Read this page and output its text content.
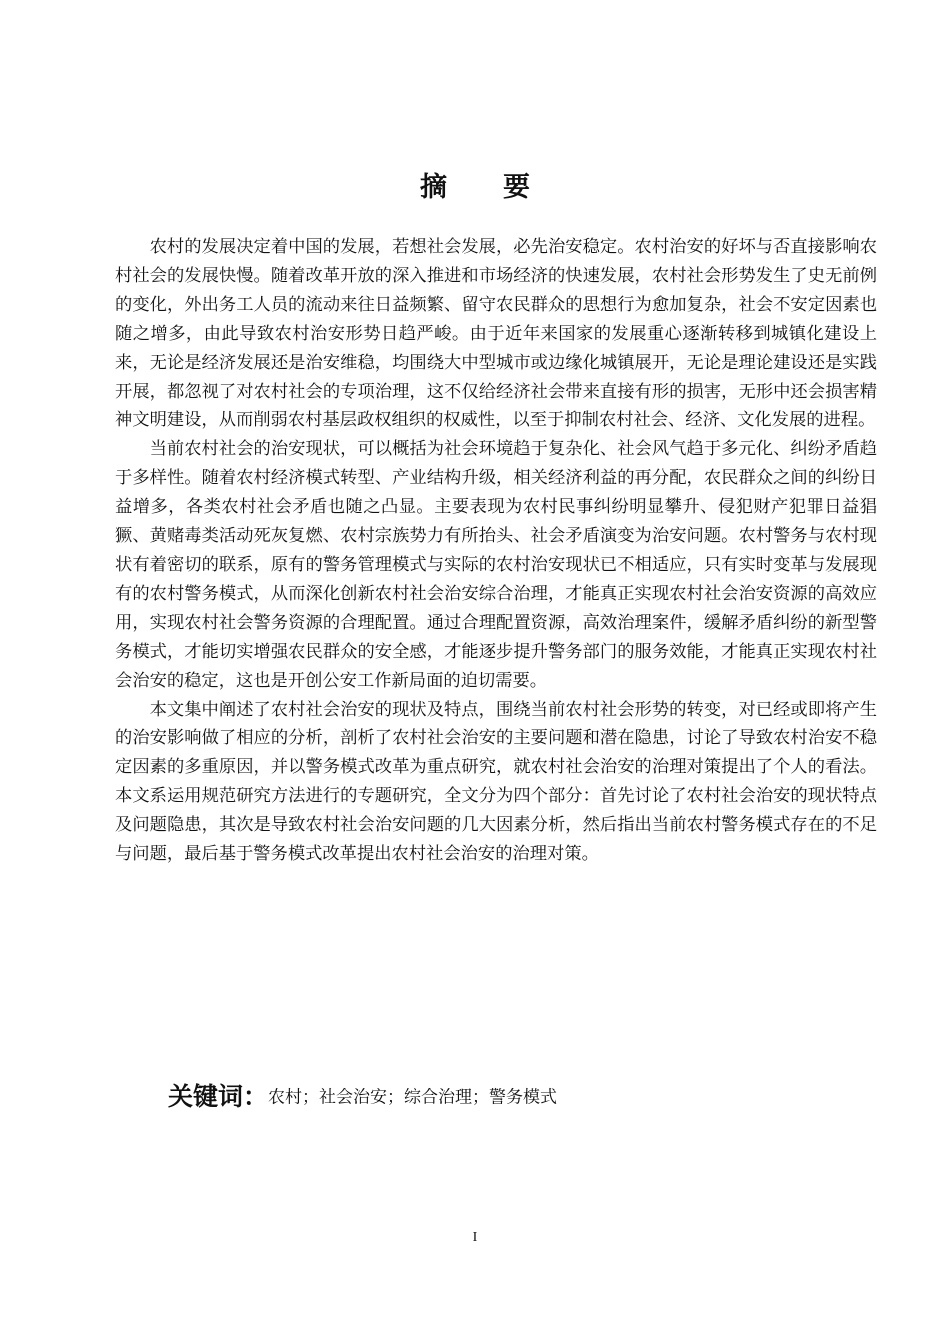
摘要

农村的发展决定着中国的发展，若想社会发展，必先治安稳定。农村治安的好坏与否直接影响农村社会的发展快慢。随着改革开放的深入推进和市场经济的快速发展，农村社会形势发生了史无前例的变化，外出务工人员的流动来往日益频繁、留守农民群众的思想行为愈加复杂，社会不安定因素也随之增多，由此导致农村治安形势日趋严峻。由于近年来国家的发展重心逐渐转移到城镇化建设上来，无论是经济发展还是治安维稳，均围绕大中型城市或边缘化城镇展开，无论是理论建设还是实践开展，都忽视了对农村社会的专项治理，这不仅给经济社会带来直接有形的损害，无形中还会损害精神文明建设，从而削弱农村基层政权组织的权威性，以至于抑制农村社会、经济、文化发展的进程。

当前农村社会的治安现状，可以概括为社会环境趋于复杂化、社会风气趋于多元化、纠纷矛盾趋于多样性。随着农村经济模式转型、产业结构升级，相关经济利益的再分配，农民群众之间的纠纷日益增多，各类农村社会矛盾也随之凸显。主要表现为农村民事纠纷明显攀升、侵犯财产犯罪日益猖獗、黄赌毒类活动死灰复燃、农村宗族势力有所抬头、社会矛盾演变为治安问题。农村警务与农村现状有着密切的联系，原有的警务管理模式与实际的农村治安现状已不相适应，只有实时变革与发展现有的农村警务模式，从而深化创新农村社会治安综合治理，才能真正实现农村社会治安资源的高效应用，实现农村社会警务资源的合理配置。通过合理配置资源，高效治理案件，缓解矛盾纠纷的新型警务模式，才能切实增强农民群众的安全感，才能逐步提升警务部门的服务效能，才能真正实现农村社会治安的稳定，这也是开创公安工作新局面的迫切需要。

本文集中阐述了农村社会治安的现状及特点，围绕当前农村社会形势的转变，对已经或即将产生的治安影响做了相应的分析，剖析了农村社会治安的主要问题和潜在隐患，讨论了导致农村治安不稳定因素的多重原因，并以警务模式改革为重点研究，就农村社会治安的治理对策提出了个人的看法。本文系运用规范研究方法进行的专题研究，全文分为四个部分：首先讨论了农村社会治安的现状特点及问题隐患，其次是导致农村社会治安问题的几大因素分析，然后指出当前农村警务模式存在的不足与问题，最后基于警务模式改革提出农村社会治安的治理对策。

关键词：农村；社会治安；综合治理；警务模式
I
